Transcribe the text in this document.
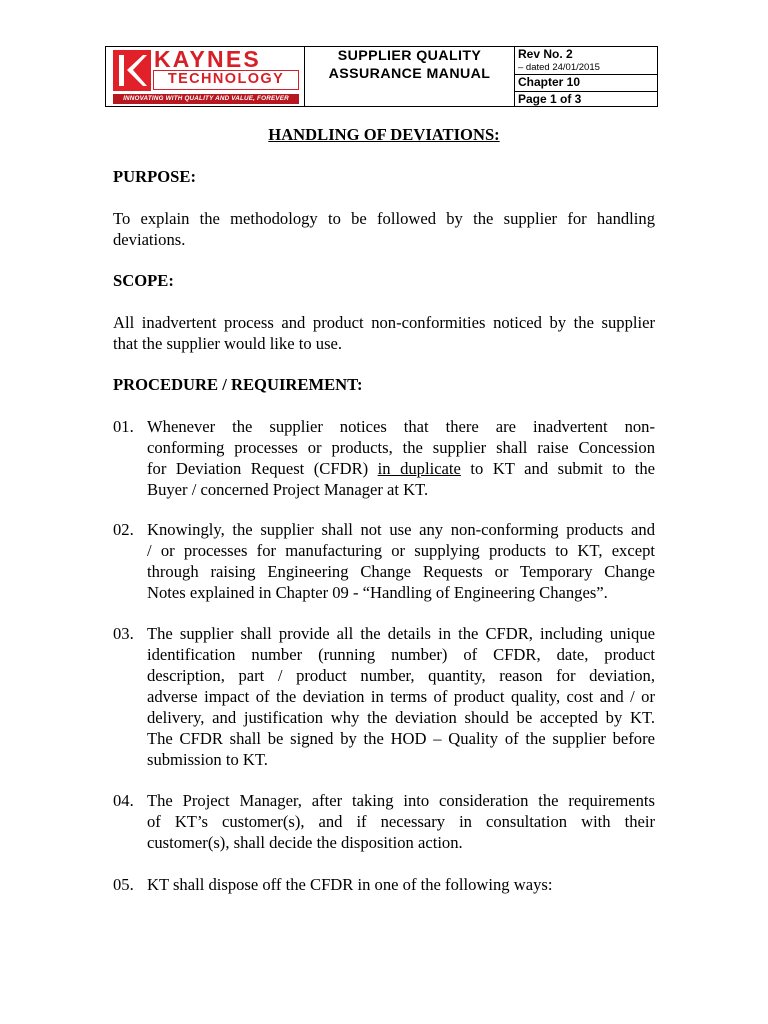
KAYNES
TECHNOLOGY
INNOVATING WITH QUALITY AND VALUE, FOREVER
SUPPLIER QUALITY
ASSURANCE MANUAL
Rev No. 2
– dated 24/01/2015
Chapter 10
Page 1 of 3
HANDLING OF DEVIATIONS:
PURPOSE:
To explain the methodology to be followed by the supplier for handling
deviations.
SCOPE:
All inadvertent process and product non-conformities noticed by the supplier
that the supplier would like to use.
PROCEDURE / REQUIREMENT:
01. Whenever the supplier notices that there are inadvertent non-
conforming processes or products, the supplier shall raise Concession
for Deviation Request (CFDR) in duplicate to KT and submit to the
Buyer / concerned Project Manager at KT.
02. Knowingly, the supplier shall not use any non-conforming products and
/ or processes for manufacturing or supplying products to KT, except
through raising Engineering Change Requests or Temporary Change
Notes explained in Chapter 09 - “Handling of Engineering Changes”.
03. The supplier shall provide all the details in the CFDR, including unique
identification number (running number) of CFDR, date, product
description, part / product number, quantity, reason for deviation,
adverse impact of the deviation in terms of product quality, cost and / or
delivery, and justification why the deviation should be accepted by KT.
The CFDR shall be signed by the HOD – Quality of the supplier before
submission to KT.
04. The Project Manager, after taking into consideration the requirements
of KT’s customer(s), and if necessary in consultation with their
customer(s), shall decide the disposition action.
05. KT shall dispose off the CFDR in one of the following ways:
